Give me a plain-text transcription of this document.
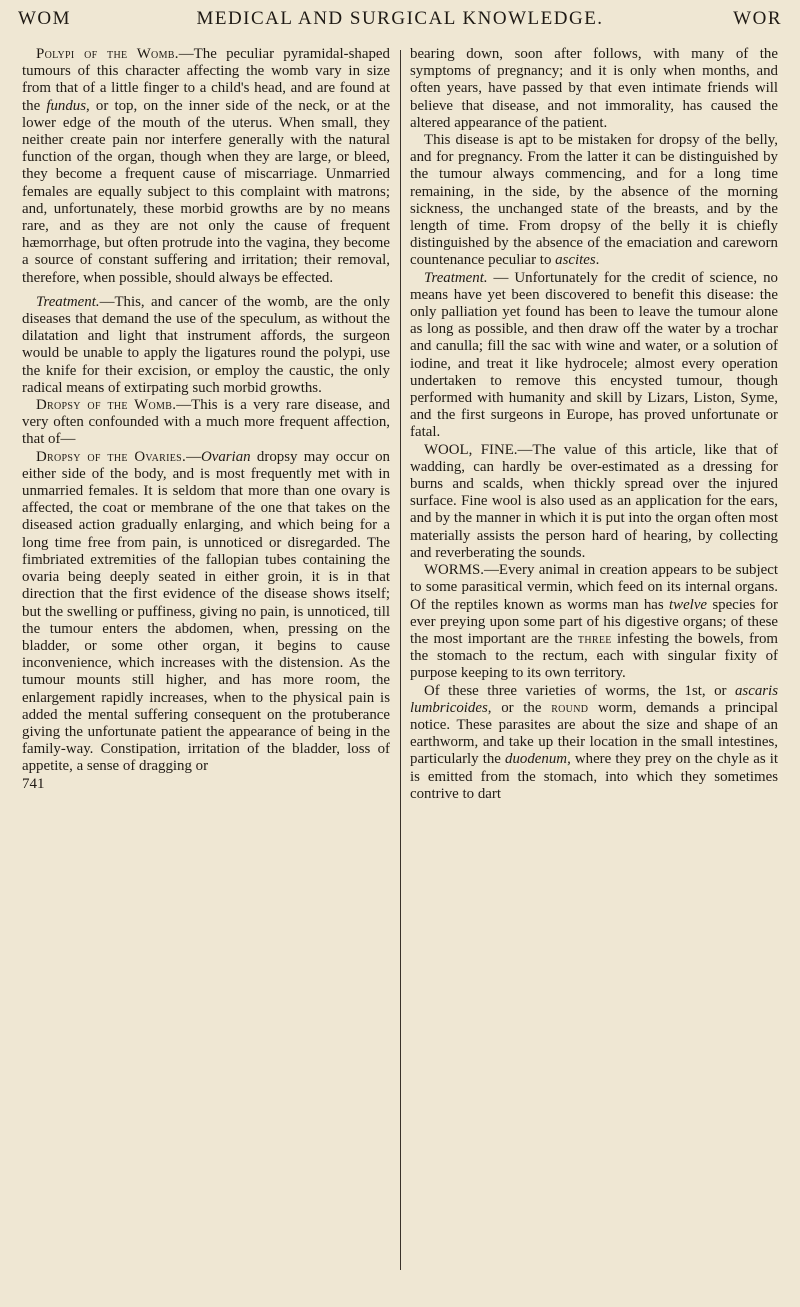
WOM	MEDICAL AND SURGICAL KNOWLEDGE.	WOR

Polypi of the Womb.—The peculiar pyramidal-shaped tumours of this character affecting the womb vary in size from that of a little finger to a child's head, and are found at the fundus, or top, on the inner side of the neck, or at the lower edge of the mouth of the uterus. When small, they neither create pain nor interfere generally with the natural function of the organ, though when they are large, or bleed, they become a frequent cause of miscarriage. Unmarried females are equally subject to this complaint with matrons; and, unfortunately, these morbid growths are by no means rare, and as they are not only the cause of frequent hæmorrhage, but often protrude into the vagina, they become a source of constant suffering and irritation; their removal, therefore, when possible, should always be effected.

Treatment.—This, and cancer of the womb, are the only diseases that demand the use of the speculum, as without the dilatation and light that instrument affords, the surgeon would be unable to apply the ligatures round the polypi, use the knife for their excision, or employ the caustic, the only radical means of extirpating such morbid growths.

Dropsy of the Womb.—This is a very rare disease, and very often confounded with a much more frequent affection, that of—

Dropsy of the Ovaries.—Ovarian dropsy may occur on either side of the body, and is most frequently met with in unmarried females. It is seldom that more than one ovary is affected, the coat or membrane of the one that takes on the diseased action gradually enlarging, and which being for a long time free from pain, is unnoticed or disregarded. The fimbriated extremities of the fallopian tubes containing the ovaria being deeply seated in either groin, it is in that direction that the first evidence of the disease shows itself; but the swelling or puffiness, giving no pain, is unnoticed, till the tumour enters the abdomen, when, pressing on the bladder, or some other organ, it begins to cause inconvenience, which increases with the distension. As the tumour mounts still higher, and has more room, the enlargement rapidly increases, when to the physical pain is added the mental suffering consequent on the protuberance giving the unfortunate patient the appearance of being in the family-way. Constipation, irritation of the bladder, loss of appetite, a sense of dragging or

741

bearing down, soon after follows, with many of the symptoms of pregnancy; and it is only when months, and often years, have passed by that even intimate friends will believe that disease, and not immorality, has caused the altered appearance of the patient.

This disease is apt to be mistaken for dropsy of the belly, and for pregnancy. From the latter it can be distinguished by the tumour always commencing, and for a long time remaining, in the side, by the absence of the morning sickness, the unchanged state of the breasts, and by the length of time. From dropsy of the belly it is chiefly distinguished by the absence of the emaciation and careworn countenance peculiar to ascites.

Treatment. — Unfortunately for the credit of science, no means have yet been discovered to benefit this disease: the only palliation yet found has been to leave the tumour alone as long as possible, and then draw off the water by a trochar and canulla; fill the sac with wine and water, or a solution of iodine, and treat it like hydrocele; almost every operation undertaken to remove this encysted tumour, though performed with humanity and skill by Lizars, Liston, Syme, and the first surgeons in Europe, has proved unfortunate or fatal.

WOOL, FINE.—The value of this article, like that of wadding, can hardly be over-estimated as a dressing for burns and scalds, when thickly spread over the injured surface. Fine wool is also used as an application for the ears, and by the manner in which it is put into the organ often most materially assists the person hard of hearing, by collecting and reverberating the sounds.

WORMS.—Every animal in creation appears to be subject to some parasitical vermin, which feed on its internal organs. Of the reptiles known as worms man has twelve species for ever preying upon some part of his digestive organs; of these the most important are the three infesting the bowels, from the stomach to the rectum, each with singular fixity of purpose keeping to its own territory.

Of these three varieties of worms, the 1st, or ascaris lumbricoides, or the round worm, demands a principal notice. These parasites are about the size and shape of an earthworm, and take up their location in the small intestines, particularly the duodenum, where they prey on the chyle as it is emitted from the stomach, into which they sometimes contrive to dart
